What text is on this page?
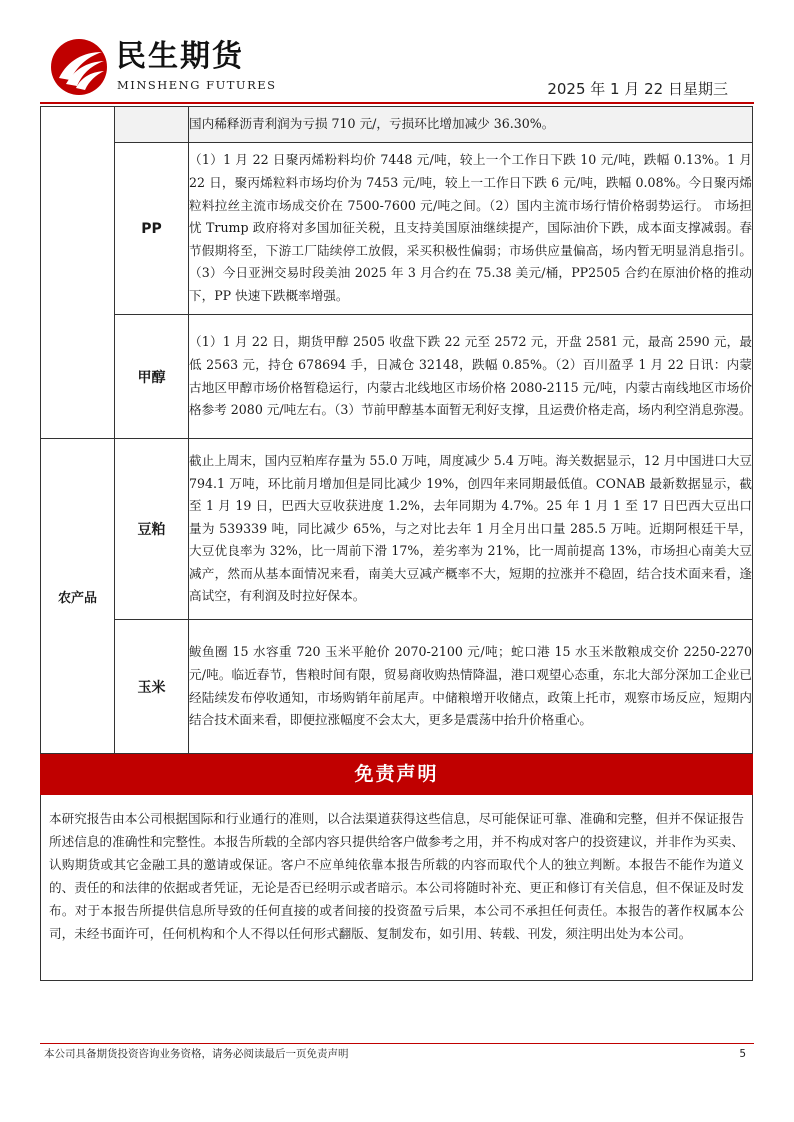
民生期货
MINSHENG FUTURES	2025 年 1 月 22 日星期三
		国内稀释沥青利润为亏损 710 元/，亏损环比增加减少 36.30%。
	PP	（1）1 月 22 日聚丙烯粉料均价 7448 元/吨，较上一个工作日下跌 10 元/吨，跌幅 0.13%。1 月 22 日，聚丙烯粒料市场均价为 7453 元/吨，较上一工作日下跌 6 元/吨，跌幅 0.08%。今日聚丙烯粒料拉丝主流市场成交价在 7500-7600 元/吨之间。（2）国内主流市场行情价格弱势运行。 市场担忧 Trump 政府将对多国加征关税，且支持美国原油继续提产，国际油价下跌，成本面支撑减弱。春节假期将至，下游工厂陆续停工放假，采买积极性偏弱；市场供应量偏高，场内暂无明显消息指引。（3）今日亚洲交易时段美油 2025 年 3 月合约在 75.38 美元/桶，PP2505 合约在原油价格的推动下，PP 快速下跌概率增强。
	甲醇	（1）1 月 22 日，期货甲醇 2505 收盘下跌 22 元至 2572 元，开盘 2581 元，最高 2590 元，最低 2563 元，持仓 678694 手，日减仓 32148，跌幅 0.85%。（2）百川盈孚 1 月 22 日讯：内蒙古地区甲醇市场价格暂稳运行，内蒙古北线地区市场价格 2080-2115 元/吨，内蒙古南线地区市场价格参考 2080 元/吨左右。（3）节前甲醇基本面暂无利好支撑，且运费价格走高，场内利空消息弥漫。
农产品	豆粕	截止上周末，国内豆粕库存量为 55.0 万吨，周度减少 5.4 万吨。海关数据显示，12 月中国进口大豆 794.1 万吨，环比前月增加但是同比减少 19%，创四年来同期最低值。CONAB 最新数据显示，截至 1 月 19 日，巴西大豆收获进度 1.2%，去年同期为 4.7%。25 年 1 月 1 至 17 日巴西大豆出口量为 539339 吨，同比减少 65%，与之对比去年 1 月全月出口量 285.5 万吨。近期阿根廷干旱，大豆优良率为 32%，比一周前下滑 17%，差劣率为 21%，比一周前提高 13%，市场担心南美大豆减产，然而从基本面情况来看，南美大豆减产概率不大，短期的拉涨并不稳固，结合技术面来看，逢高试空，有利润及时拉好保本。
	玉米	鲅鱼圈 15 水容重 720 玉米平舱价 2070-2100 元/吨；蛇口港 15 水玉米散粮成交价 2250-2270 元/吨。临近春节，售粮时间有限，贸易商收购热情降温，港口观望心态重，东北大部分深加工企业已经陆续发布停收通知，市场购销年前尾声。中储粮增开收储点，政策上托市，观察市场反应，短期内结合技术面来看，即便拉涨幅度不会太大，更多是震荡中抬升价格重心。
免责声明
本研究报告由本公司根据国际和行业通行的准则，以合法渠道获得这些信息，尽可能保证可靠、准确和完整，但并不保证报告所述信息的准确性和完整性。本报告所载的全部内容只提供给客户做参考之用，并不构成对客户的投资建议，并非作为买卖、认购期货或其它金融工具的邀请或保证。客户不应单纯依靠本报告所载的内容而取代个人的独立判断。本报告不能作为道义的、责任的和法律的依据或者凭证，无论是否已经明示或者暗示。本公司将随时补充、更正和修订有关信息，但不保证及时发布。对于本报告所提供信息所导致的任何直接的或者间接的投资盈亏后果，本公司不承担任何责任。本报告的著作权属本公司，未经书面许可，任何机构和个人不得以任何形式翻版、复制发布，如引用、转载、刊发，须注明出处为本公司。
本公司具备期货投资咨询业务资格，请务必阅读最后一页免责声明	5
